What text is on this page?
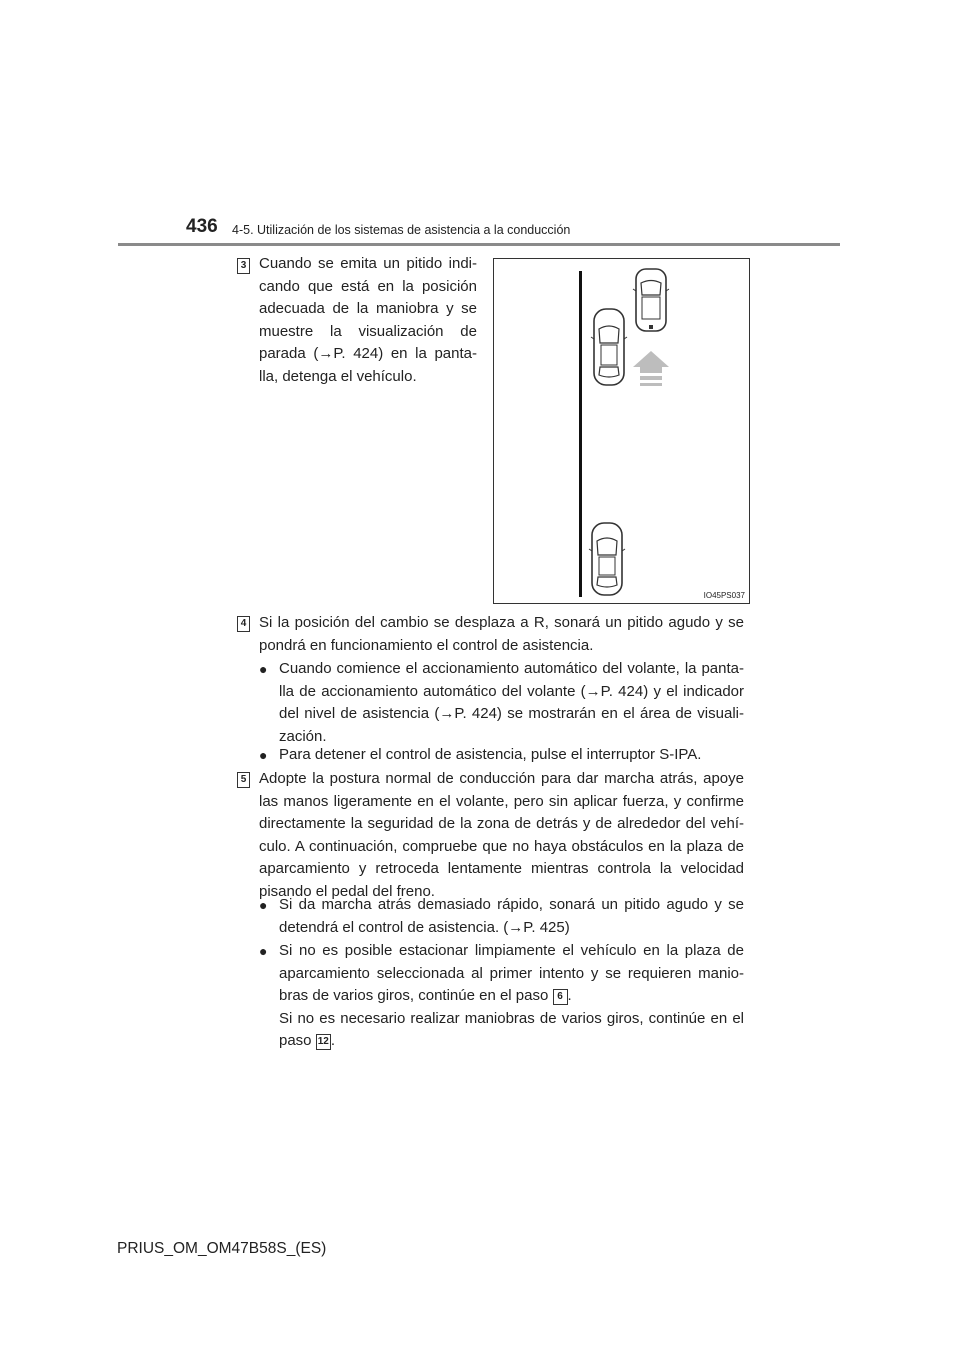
436 4-5. Utilización de los sistemas de asistencia a la conducción
3 Cuando se emita un pitido indi-cando que está en la posición adecuada de la maniobra y se muestre la visualización de parada (→P. 424) en la panta-lla, detenga el vehículo.
IO45PS037
4 Si la posición del cambio se desplaza a R, sonará un pitido agudo y se pondrá en funcionamiento el control de asistencia.
● Cuando comience el accionamiento automático del volante, la panta-lla de accionamiento automático del volante (→P. 424) y el indicador del nivel de asistencia (→P. 424) se mostrarán en el área de visuali-zación.
● Para detener el control de asistencia, pulse el interruptor S-IPA.
5 Adopte la postura normal de conducción para dar marcha atrás, apoye las manos ligeramente en el volante, pero sin aplicar fuerza, y confirme directamente la seguridad de la zona de detrás y de alrededor del vehí-culo. A continuación, compruebe que no haya obstáculos en la plaza de aparcamiento y retroceda lentamente mientras controla la velocidad pisando el pedal del freno.
● Si da marcha atrás demasiado rápido, sonará un pitido agudo y se detendrá el control de asistencia. (→P. 425)
● Si no es posible estacionar limpiamente el vehículo en la plaza de aparcamiento seleccionada al primer intento y se requieren manio-bras de varios giros, continúe en el paso 6 .
Si no es necesario realizar maniobras de varios giros, continúe en el paso 12 .
PRIUS_OM_OM47B58S_(ES)
